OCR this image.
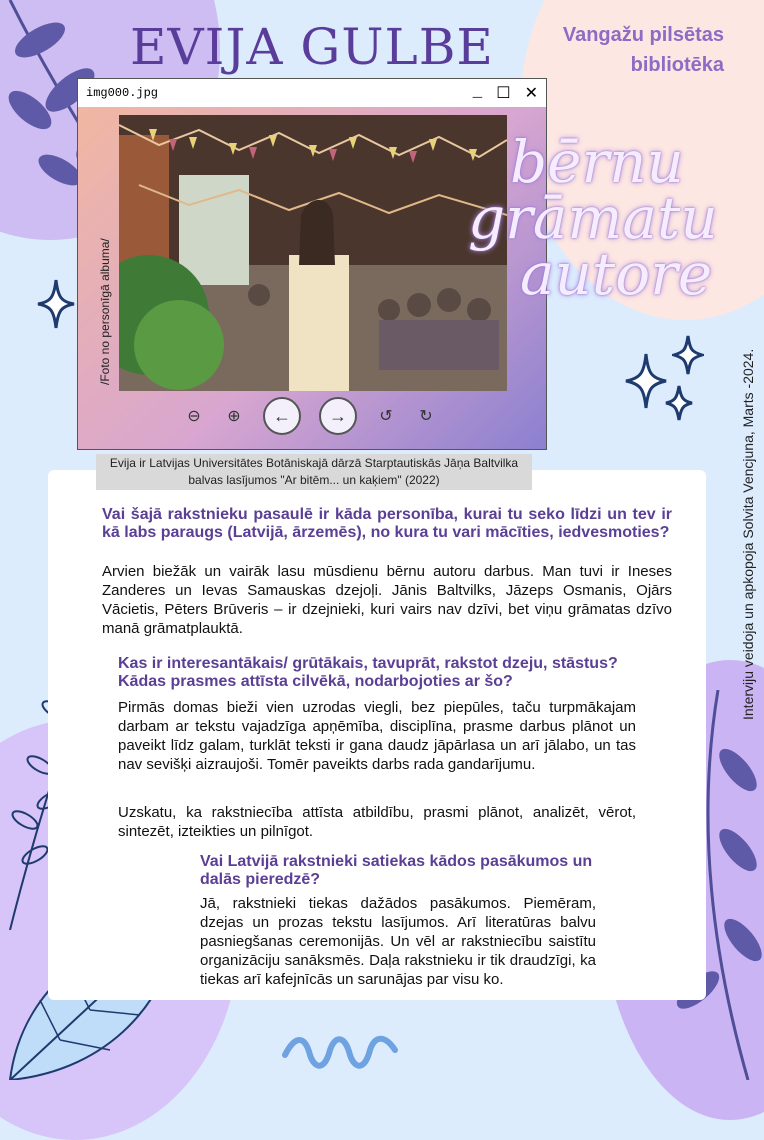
EVIJA GULBE	Vangažu pilsētas
bibliotēka
img000.jpg	_ ☐ ✕
⊖ ⊕	←	→	↺ ↻
/Foto no personīgā albuma/
bērnu
grāmatu
autore
Evija ir Latvijas Universitātes Botāniskajā dārzā Starptautiskās Jāņa Baltvilka balvas lasījumos "Ar bitēm... un kaķiem" (2022)	Interviju veidoja un apkopoja Solvita Vencjuna, Marts -2024.
Vai šajā rakstnieku pasaulē ir kāda personība, kurai tu seko līdzi un tev ir kā labs paraugs (Latvijā, ārzemēs), no kura tu vari mācīties, iedvesmoties?
Arvien biežāk un vairāk lasu mūsdienu bērnu autoru darbus. Man tuvi ir Ineses Zanderes un Ievas Samauskas dzejoļi. Jānis Baltvilks, Jāzeps Osmanis, Ojārs Vācietis, Pēters Brūveris – ir dzejnieki, kuri vairs nav dzīvi, bet viņu grāmatas dzīvo manā grāmatplauktā.
Kas ir interesantākais/ grūtākais, tavuprāt, rakstot dzeju, stāstus? Kādas prasmes attīsta cilvēkā, nodarbojoties ar šo?
Pirmās domas bieži vien uzrodas viegli, bez piepūles, taču turpmākajam darbam ar tekstu vajadzīga apņēmība, disciplīna, prasme darbus plānot un paveikt līdz galam, turklāt teksti ir gana daudz jāpārlasa un arī jālabo, un tas nav sevišķi aizraujoši. Tomēr paveikts darbs rada gandarījumu.
Uzskatu, ka rakstniecība attīsta atbildību, prasmi plānot, analizēt, vērot, sintezēt, izteikties un pilnīgot.
Vai Latvijā rakstnieki satiekas kādos pasākumos un dalās pieredzē?
Jā, rakstnieki tiekas dažādos pasākumos. Piemēram, dzejas un prozas tekstu lasījumos. Arī literatūras balvu pasniegšanas ceremonijās. Un vēl ar rakstniecību saistītu organizāciju sanāksmēs. Daļa rakstnieku ir tik draudzīgi, ka tiekas arī kafejnīcās un sarunājas par visu ko.
